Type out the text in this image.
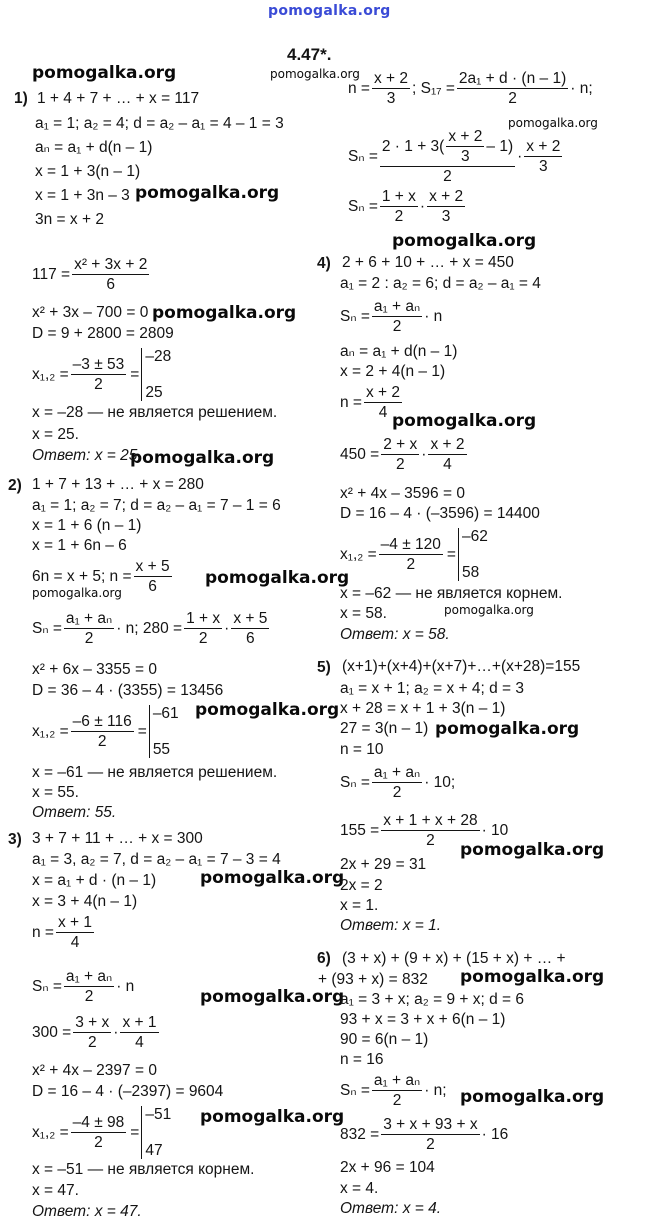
pomogalka.org
4.47*.
pomogalka.org	pomogalka.org
pomogalka.org
pomogalka.org
pomogalka.org
pomogalka.org
pomogalka.org
pomogalka.org
pomogalka.org
pomogalka.org
pomogalka.org
pomogalka.org
pomogalka.org
pomogalka.org
pomogalka.org
pomogalka.org
pomogalka.org
pomogalka.org
pomogalka.org
1) 1 + 4 + 7 + … + x = 117
a₁ = 1; a₂ = 4; d = a₂ – a₁ = 4 – 1 = 3
aₙ = a₁ + d(n – 1)
x = 1 + 3(n – 1)
x = 1 + 3n – 3
3n = x + 2
$117 = \frac{\text{x² + 3x + 2}}{6}$
x² + 3x – 700 = 0
D = 9 + 2800 = 2809
$x_1,_2 = \frac{-3 \pm 53}{2}$ =
–28

25
x = –28 — не является решением.
x = 25.
Ответ: x = 25.
2) 1 + 7 + 13 + … + x = 280
a₁ = 1; a₂ = 7; d = a₂ – a₁ = 7 – 1 = 6
x = 1 + 6 (n – 1)
x = 1 + 6n – 6
6n = x + 5; $n = \frac{x + 5}{6}$
$S_n = \frac{\text{a₁ + aₙ}}{2} \cdot n$; $280 = \frac{1 + x}{2} \cdot \frac{x + 5}{6}$
x² + 6x – 3355 = 0
D = 36 – 4 · (3355) = 13456
$x_1,_2 = \frac{-6 \pm 116}{2}$ =
–61

55
x = –61 — не является решением.
x = 55.
Ответ: 55.
3) 3 + 7 + 11 + … + x = 300
a₁ = 3, a₂ = 7, d = a₂ – a₁ = 7 – 3 = 4
x = a₁ + d · (n – 1)
x = 3 + 4(n – 1)
$n = \frac{x + 1}{4}$
$S_n = \frac{\text{a₁ + aₙ}}{2} \cdot n$
$300 = \frac{3 + x}{2} \cdot \frac{x + 1}{4}$
x² + 4x – 2397 = 0
D = 16 – 4 · (–2397) = 9604
$x_1,_2 = \frac{-4 \pm 98}{2}$ =
–51

47
x = –51 — не является корнем.
x = 47.
Ответ: x = 47.
$n = \frac{x + 2}{3}$ ; $S_{17} = \frac{\text{2a₁ + d · (n – 1)}}{2} \cdot n$;
$S_n = \frac{2 \cdot 1 + 3( \frac{x + 2}{3} - 1)}{2} \cdot \frac{x + 2}{3}$
$S_n = \frac{1 + x}{2} \cdot \frac{x + 2}{3}$
4) 2 + 6 + 10 + … + x = 450
a₁ = 2 : a₂ = 6; d = a₂ – a₁ = 4
$S_n = \frac{\text{a₁ + aₙ}}{2} \cdot n$
aₙ = a₁ + d(n – 1)
x = 2 + 4(n – 1)
$n = \frac{x + 2}{4}$
$450 = \frac{2 + x}{2} \cdot \frac{x + 2}{4}$
x² + 4x – 3596 = 0
D = 16 – 4 · (–3596) = 14400
$x_1,_2 = \frac{-4 \pm 120}{2}$ =
–62

58
x = –62 — не является корнем.
x = 58.
Ответ: x = 58.
5) (x+1)+(x+4)+(x+7)+…+(x+28)=155
a₁ = x + 1; a₂ = x + 4; d = 3
x + 28 = x + 1 + 3(n – 1)
27 = 3(n – 1)
n = 10
$S_n = \frac{\text{a₁ + aₙ}}{2} \cdot 10$;
$155 = \frac{x + 1 + x + 28}{2} \cdot 10$
2x + 29 = 31
2x = 2
x = 1.
Ответ: x = 1.
6) (3 + x) + (9 + x) + (15 + x) + … +
+ (93 + x) = 832
a₁ = 3 + x; a₂ = 9 + x; d = 6
93 + x = 3 + x + 6(n – 1)
90 = 6(n – 1)
n = 16
$S_n = \frac{\text{a₁ + aₙ}}{2} \cdot n$;
$832 = \frac{3 + x + 93 + x}{2} \cdot 16$
2x + 96 = 104
x = 4.
Ответ: x = 4.
